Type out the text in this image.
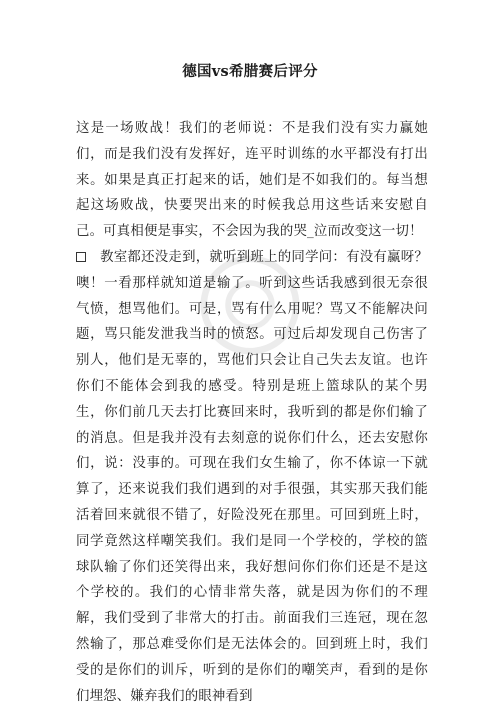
德国vs希腊赛后评分

这是一场败战！我们的老师说：不是我们没有实力赢她们，而是我们没有发挥好，连平时训练的水平都没有打出来。如果是真正打起来的话，她们是不如我们的。每当想起这场败战，快要哭出来的时候我总用这些话来安慰自己。可真相便是事实，不会因为我的哭_泣而改变这一切！

教室都还没走到，就听到班上的同学问：有没有赢呀？噢！一看那样就知道是输了。听到这些话我感到很无奈很气愤，想骂他们。可是，骂有什么用呢？骂又不能解决问题，骂只能发泄我当时的愤怒。可过后却发现自己伤害了别人，他们是无辜的，骂他们只会让自己失去友谊。也许你们不能体会到我的感受。特别是班上篮球队的某个男生，你们前几天去打比赛回来时，我听到的都是你们输了的消息。但是我并没有去刻意的说你们什么，还去安慰你们，说：没事的。可现在我们女生输了，你不体谅一下就算了，还来说我们我们遇到的对手很强，其实那天我们能活着回来就很不错了，好险没死在那里。可回到班上时，同学竟然这样嘲笑我们。我们是同一个学校的，学校的篮球队输了你们还笑得出来，我好想问你们你们还是不是这个学校的。我们的心情非常失落，就是因为你们的不理解，我们受到了非常大的打击。前面我们三连冠，现在忽然输了，那总难受你们是无法体会的。回到班上时，我们受的是你们的训斥，听到的是你们的嘲笑声，看到的是你们埋怨、嫌弃我们的眼神看到
